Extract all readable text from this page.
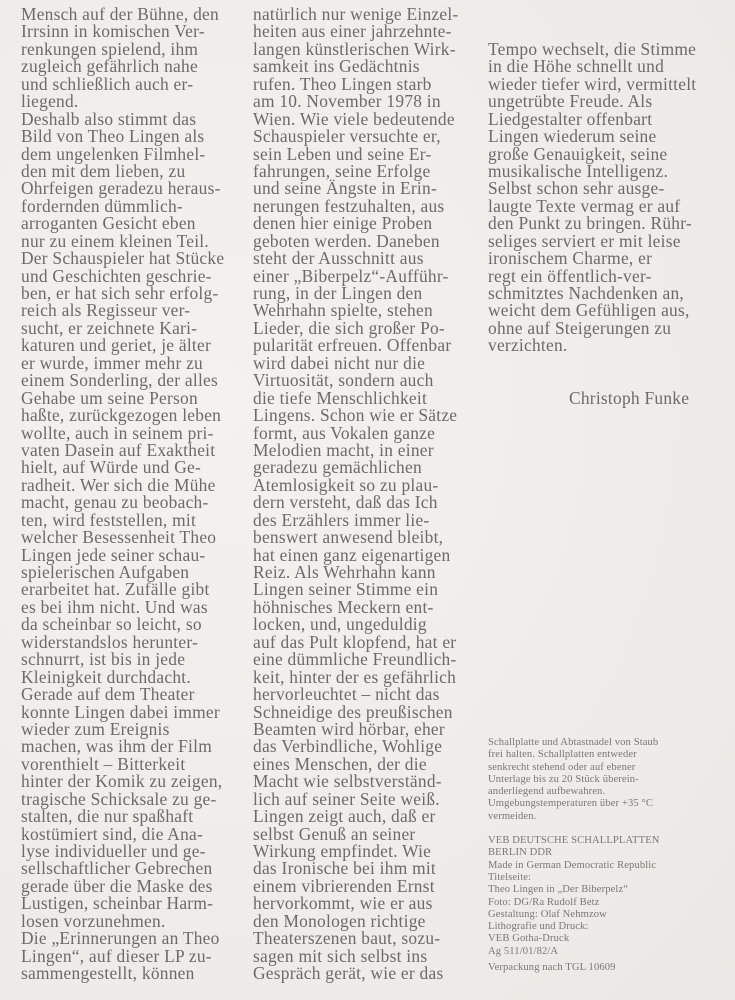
Mensch auf der Bühne, den
Irrsinn in komischen Ver-
renkungen spielend, ihm
zugleich gefährlich nahe
und schließlich auch er-
liegend.
Deshalb also stimmt das
Bild von Theo Lingen als
dem ungelenken Filmhel-
den mit dem lieben, zu
Ohrfeigen geradezu heraus-
fordernden dümmlich-
arroganten Gesicht eben
nur zu einem kleinen Teil.
Der Schauspieler hat Stücke
und Geschichten geschrie-
ben, er hat sich sehr erfolg-
reich als Regisseur ver-
sucht, er zeichnete Kari-
katuren und geriet, je älter
er wurde, immer mehr zu
einem Sonderling, der alles
Gehabe um seine Person
haßte, zurückgezogen leben
wollte, auch in seinem pri-
vaten Dasein auf Exaktheit
hielt, auf Würde und Ge-
radheit. Wer sich die Mühe
macht, genau zu beobach-
ten, wird feststellen, mit
welcher Besessenheit Theo
Lingen jede seiner schau-
spielerischen Aufgaben
erarbeitet hat. Zufälle gibt
es bei ihm nicht. Und was
da scheinbar so leicht, so
widerstandslos herunter-
schnurrt, ist bis in jede
Kleinigkeit durchdacht.
Gerade auf dem Theater
konnte Lingen dabei immer
wieder zum Ereignis
machen, was ihm der Film
vorenthielt – Bitterkeit
hinter der Komik zu zeigen,
tragische Schicksale zu ge-
stalten, die nur spaßhaft
kostümiert sind, die Ana-
lyse individueller und ge-
sellschaftlicher Gebrechen
gerade über die Maske des
Lustigen, scheinbar Harm-
losen vorzunehmen.
Die „Erinnerungen an Theo
Lingen“, auf dieser LP zu-
sammengestellt, können
natürlich nur wenige Einzel-
heiten aus einer jahrzehnte-
langen künstlerischen Wirk-
samkeit ins Gedächtnis
rufen. Theo Lingen starb
am 10. November 1978 in
Wien. Wie viele bedeutende
Schauspieler versuchte er,
sein Leben und seine Er-
fahrungen, seine Erfolge
und seine Ängste in Erin-
nerungen festzuhalten, aus
denen hier einige Proben
geboten werden. Daneben
steht der Ausschnitt aus
einer „Biberpelz“-Aufführ-
rung, in der Lingen den
Wehrhahn spielte, stehen
Lieder, die sich großer Po-
pularität erfreuen. Offenbar
wird dabei nicht nur die
Virtuosität, sondern auch
die tiefe Menschlichkeit
Lingens. Schon wie er Sätze
formt, aus Vokalen ganze
Melodien macht, in einer
geradezu gemächlichen
Atemlosigkeit so zu plau-
dern versteht, daß das Ich
des Erzählers immer lie-
benswert anwesend bleibt,
hat einen ganz eigenartigen
Reiz. Als Wehrhahn kann
Lingen seiner Stimme ein
höhnisches Meckern ent-
locken, und, ungeduldig
auf das Pult klopfend, hat er
eine dümmliche Freundlich-
keit, hinter der es gefährlich
hervorleuchtet – nicht das
Schneidige des preußischen
Beamten wird hörbar, eher
das Verbindliche, Wohlige
eines Menschen, der die
Macht wie selbstverständ-
lich auf seiner Seite weiß.
Lingen zeigt auch, daß er
selbst Genuß an seiner
Wirkung empfindet. Wie
das Ironische bei ihm mit
einem vibrierenden Ernst
hervorkommt, wie er aus
den Monologen richtige
Theaterszenen baut, sozu-
sagen mit sich selbst ins
Gespräch gerät, wie er das

Tempo wechselt, die Stimme
in die Höhe schnellt und
wieder tiefer wird, vermittelt
ungetrübte Freude. Als
Liedgestalter offenbart
Lingen wiederum seine
große Genauigkeit, seine
musikalische Intelligenz.
Selbst schon sehr ausge-
laugte Texte vermag er auf
den Punkt zu bringen. Rühr-
seliges serviert er mit leise
ironischem Charme, er
regt ein öffentlich-ver-
schmitztes Nachdenken an,
weicht dem Gefühligen aus,
ohne auf Steigerungen zu
verzichten.

Christoph Funke

Schallplatte und Abtastnadel von Staub
frei halten. Schallplatten entweder
senkrecht stehend oder auf ebener
Unterlage bis zu 20 Stück überein-
anderliegend aufbewahren.
Umgebungstemperaturen über +35 °C
vermeiden.
VEB DEUTSCHE SCHALLPLATTEN
BERLIN DDR
Made in German Democratic Republic
Titelseite:
Theo Lingen in „Der Biberpelz“
Foto: DG/Ra Rudolf Betz
Gestaltung: Olaf Nehmzow
Lithografie und Druck:
VEB Gotha-Druck
Ag 511/01/82/A
Verpackung nach TGL 10609
